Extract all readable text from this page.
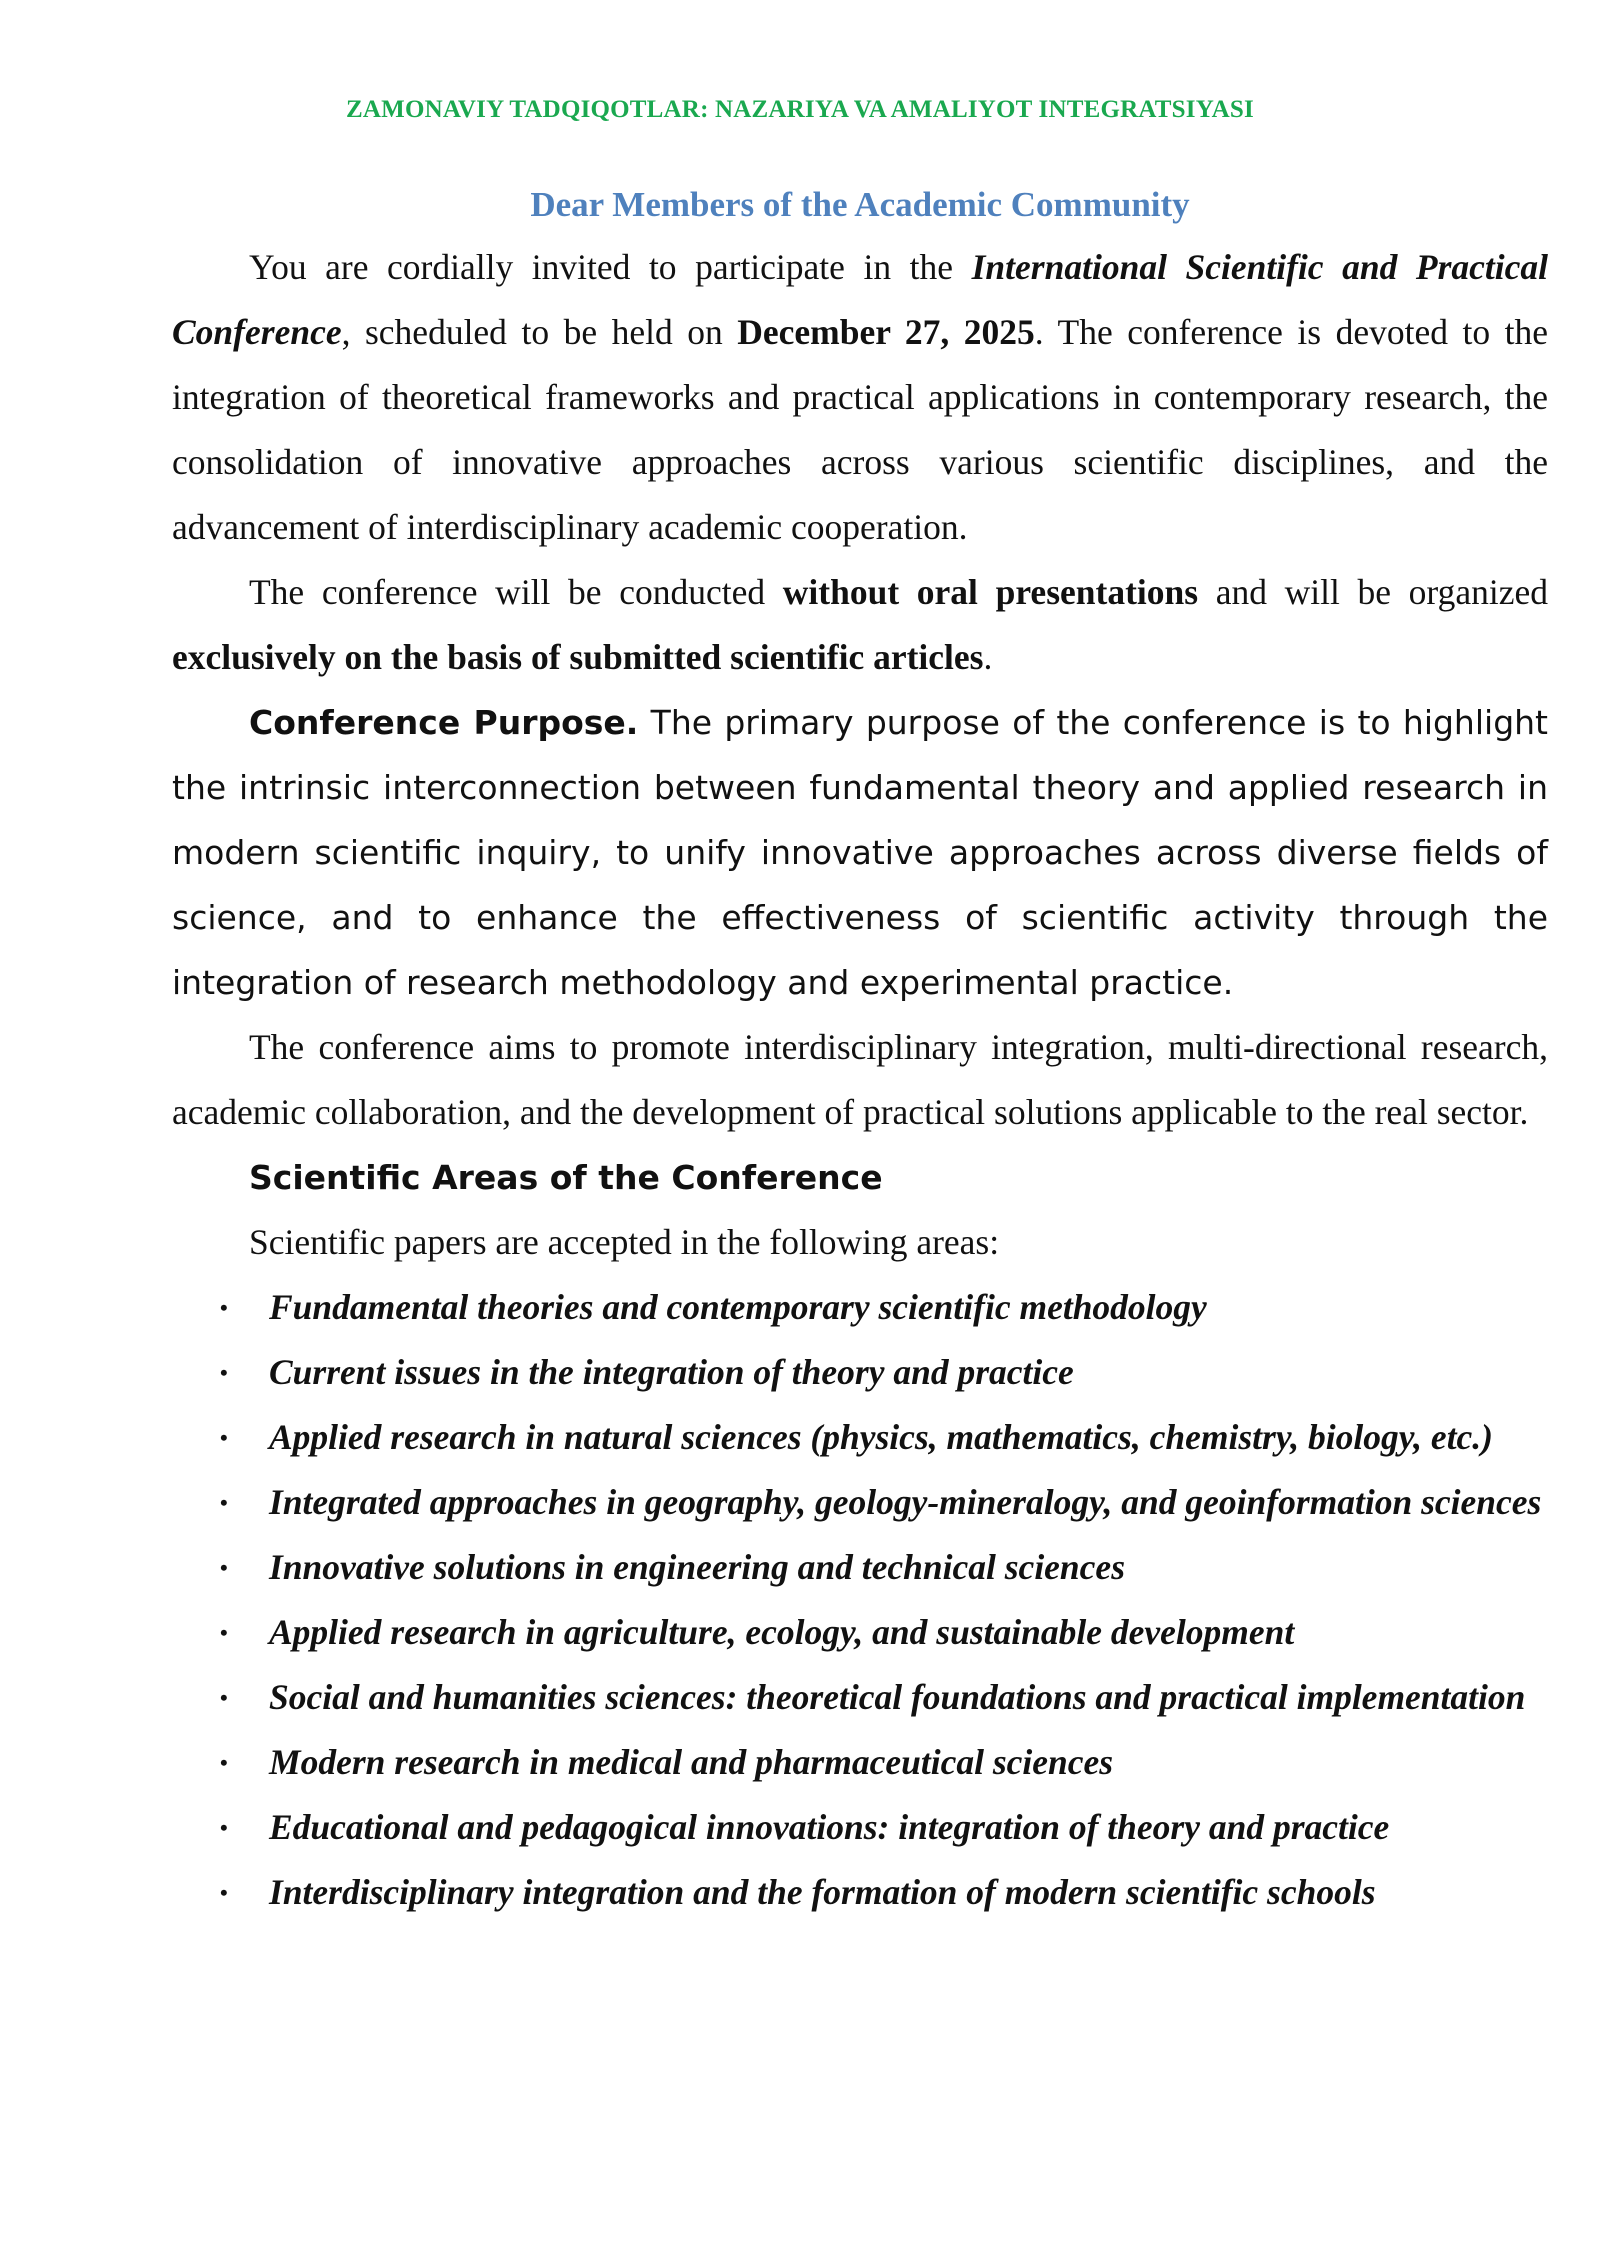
ZAMONAVIY TADQIQOTLAR: NAZARIYA VA AMALIYOT INTEGRATSIYASI
Dear Members of the Academic Community

You are cordially invited to participate in the International Scientific and Practical Conference, scheduled to be held on December 27, 2025. The conference is devoted to the integration of theoretical frameworks and practical applications in contemporary research, the consolidation of innovative approaches across various scientific disciplines, and the advancement of interdisciplinary academic cooperation.

The conference will be conducted without oral presentations and will be organized exclusively on the basis of submitted scientific articles.

Conference Purpose. The primary purpose of the conference is to highlight the intrinsic interconnection between fundamental theory and applied research in modern scientific inquiry, to unify innovative approaches across diverse fields of science, and to enhance the effectiveness of scientific activity through the integration of research methodology and experimental practice.

The conference aims to promote interdisciplinary integration, multi-directional research, academic collaboration, and the development of practical solutions applicable to the real sector.

Scientific Areas of the Conference
Scientific papers are accepted in the following areas:
• Fundamental theories and contemporary scientific methodology
• Current issues in the integration of theory and practice
• Applied research in natural sciences (physics, mathematics, chemistry, biology, etc.)
• Integrated approaches in geography, geology-mineralogy, and geoinformation sciences
• Innovative solutions in engineering and technical sciences
• Applied research in agriculture, ecology, and sustainable development
• Social and humanities sciences: theoretical foundations and practical implementation
• Modern research in medical and pharmaceutical sciences
• Educational and pedagogical innovations: integration of theory and practice
• Interdisciplinary integration and the formation of modern scientific schools
